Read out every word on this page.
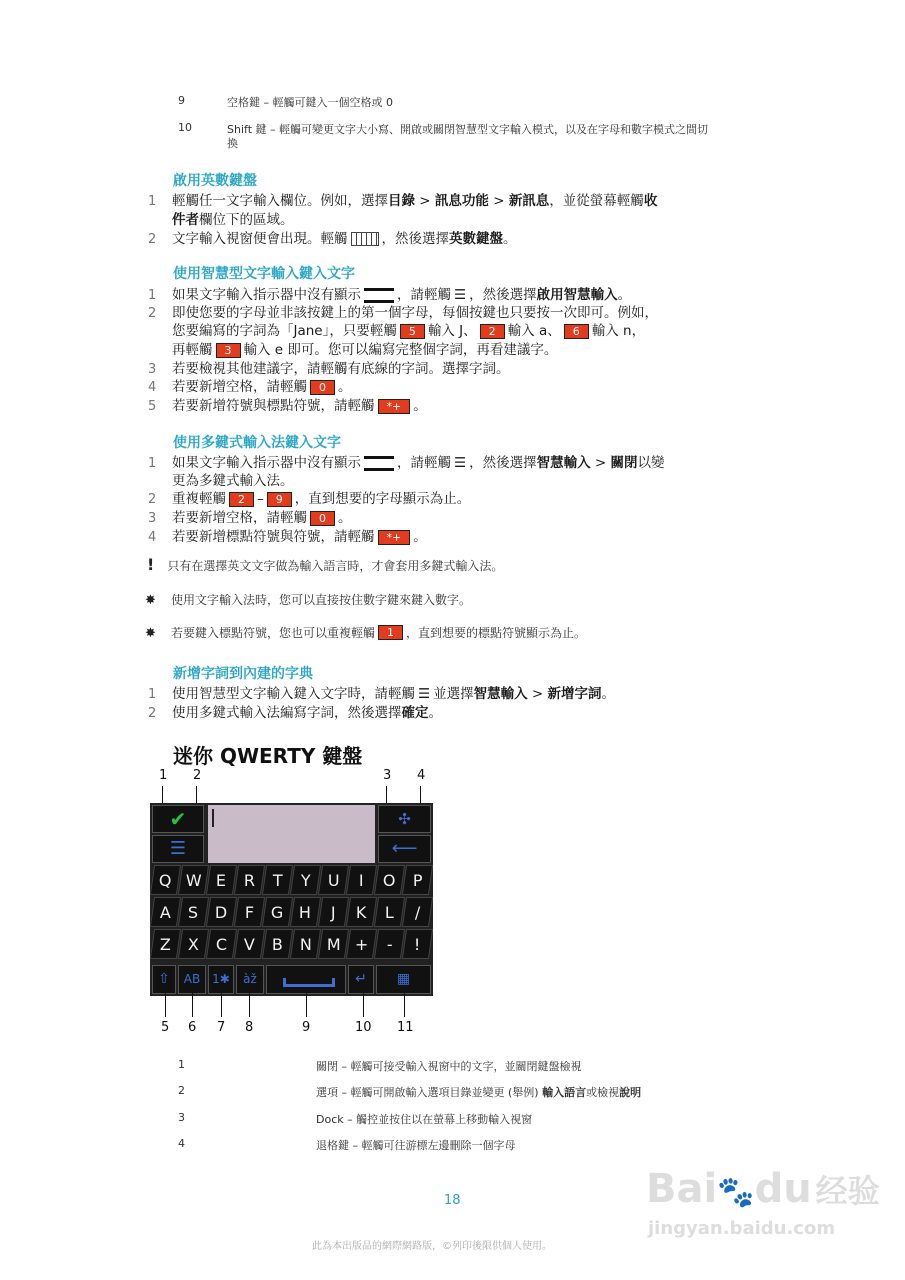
9	空格鍵 – 輕觸可鍵入一個空格或 0
10	Shift 鍵 – 輕觸可變更文字大小寫、開啟或關閉智慧型文字輸入模式，以及在字母和數字模式之間切
換
啟用英數鍵盤
1 輕觸任一文字輸入欄位。例如，選擇目錄 > 訊息功能 > 新訊息，並從螢幕輕觸收
件者欄位下的區域。
2 文字輸入視窗便會出現。輕觸	，然後選擇英數鍵盤。
使用智慧型文字輸入鍵入文字
1 如果文字輸入指示器中沒有顯示	，請輕觸 ☰ ，然後選擇啟用智慧輸入。
2 即使您要的字母並非該按鍵上的第一個字母，每個按鍵也只要按一次即可。例如，
您要編寫的字詞為「Jane」，只要輕觸 5 輸入 J、 2 輸入 a、 6 輸入 n，
再輕觸 3 輸入 e 即可。您可以編寫完整個字詞，再看建議字。
3 若要檢視其他建議字，請輕觸有底線的字詞。選擇字詞。
4 若要新增空格，請輕觸 0 。
5 若要新增符號與標點符號，請輕觸 *+ 。
使用多鍵式輸入法鍵入文字
1 如果文字輸入指示器中沒有顯示	，請輕觸 ☰ ，然後選擇智慧輸入 > 關閉以變
更為多鍵式輸入法。
2 重複輕觸 2 – 9 ，直到想要的字母顯示為止。
3 若要新增空格，請輕觸 0 。
4 若要新增標點符號與符號，請輕觸 *+ 。
! 只有在選擇英文文字做為輸入語言時，才會套用多鍵式輸入法。
✸ 使用文字輸入法時，您可以直接按住數字鍵來鍵入數字。
✸ 若要鍵入標點符號，您也可以重複輕觸 1 ，直到想要的標點符號顯示為止。
新增字詞到內建的字典
1 使用智慧型文字輸入鍵入文字時，請輕觸 ☰ 並選擇智慧輸入 > 新增字詞。
2 使用多鍵式輸入法編寫字詞，然後選擇確定。
迷你 QWERTY 鍵盤
1 2	3 4
✔
☰
✣
⟵
Q W E R T Y U I O P
A S D F G H J K L /
Z X C V B N M + - !
⇧	AB 1✱	àž	↵	▦
5 6 7 8	9	10 11
1	關閉 – 輕觸可接受輸入視窗中的文字，並關閉鍵盤檢視
2	選項 – 輕觸可開啟輸入選項目錄並變更 (舉例) 輸入語言或檢視說明
3	Dock – 觸控並按住以在螢幕上移動輸入視窗
4	退格鍵 – 輕觸可往游標左邊刪除一個字母
18
此為本出版品的網際網路版，©列印後限供個人使用。
Bai🐾du 经验
jingyan.baidu.com
